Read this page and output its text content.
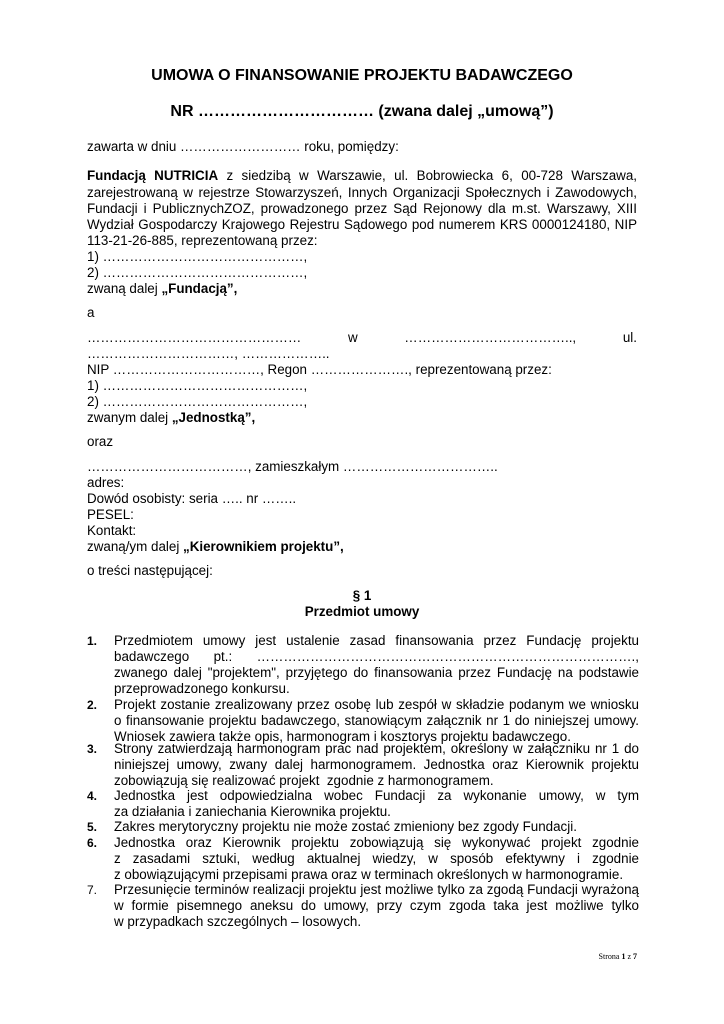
UMOWA O FINANSOWANIE PROJEKTU BADAWCZEGO
NR …………………………… (zwana dalej „umową”)
zawarta w dniu ……………………… roku, pomiędzy:
Fundacją NUTRICIA z siedzibą w Warszawie, ul. Bobrowiecka 6, 00-728 Warszawa,
zarejestrowaną w rejestrze Stowarzyszeń, Innych Organizacji Społecznych i Zawodowych,
Fundacji i PublicznychZOZ, prowadzonego przez Sąd Rejonowy dla m.st. Warszawy, XIII
Wydział Gospodarczy Krajowego Rejestru Sądowego pod numerem KRS 0000124180, NIP
113-21-26-885, reprezentowaną przez:
1) ………………………………………,
2) ………………………………………,
zwaną dalej „Fundacją”,
a
…………………………………………	w	………………………………..,	ul.
……………………………, ………………..
NIP ……………………………, Regon …………………., reprezentowaną przez:
1) ………………………………………,
2) ………………………………………,
zwanym dalej „Jednostką”,
oraz
………………………………, zamieszkałym ……………………………..
adres:
Dowód osobisty: seria ….. nr ……..
PESEL:
Kontakt:
zwaną/ym dalej „Kierownikiem projektu”,
o treści następującej:
§ 1
Przedmiot umowy
1. Przedmiotem umowy jest ustalenie zasad finansowania przez Fundację projektu
badawczego pt.: ………………………………………………………………………….,
zwanego dalej "projektem", przyjętego do finansowania przez Fundację na podstawie
przeprowadzonego konkursu.
2. Projekt zostanie zrealizowany przez osobę lub zespół w składzie podanym we wniosku
o finansowanie projektu badawczego, stanowiącym załącznik nr 1 do niniejszej umowy.
Wniosek zawiera także opis, harmonogram i kosztorys projektu badawczego.
3. Strony zatwierdzają harmonogram prac nad projektem, określony w załączniku nr 1 do
niniejszej umowy, zwany dalej harmonogramem. Jednostka oraz Kierownik projektu
zobowiązują się realizować projekt  zgodnie z harmonogramem.
4. Jednostka jest odpowiedzialna wobec Fundacji za wykonanie umowy, w tym
za działania i zaniechania Kierownika projektu.
5. Zakres merytoryczny projektu nie może zostać zmieniony bez zgody Fundacji.
6. Jednostka oraz Kierownik projektu zobowiązują się wykonywać projekt zgodnie
z zasadami sztuki, według aktualnej wiedzy, w sposób efektywny i zgodnie
z obowiązującymi przepisami prawa oraz w terminach określonych w harmonogramie.
7. Przesunięcie terminów realizacji projektu jest możliwe tylko za zgodą Fundacji wyrażoną
w formie pisemnego aneksu do umowy, przy czym zgoda taka jest możliwe tylko
w przypadkach szczególnych – losowych.
Strona 1 z 7
